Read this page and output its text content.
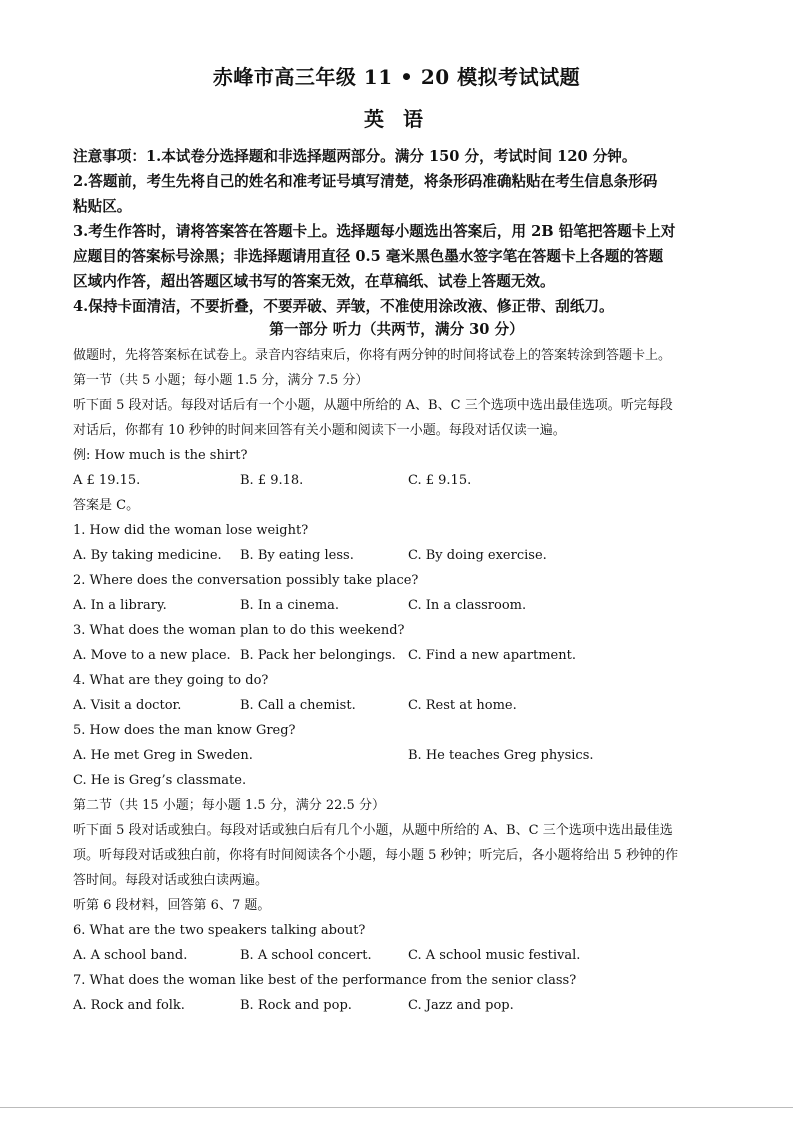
赤峰市高三年级 11 • 20 模拟考试试题
英 语

注意事项：1.本试卷分选择题和非选择题两部分。满分 150 分，考试时间 120 分钟。

2.答题前，考生先将自己的姓名和准考证号填写清楚，将条形码准确粘贴在考生信息条形码

粘贴区。

3.考生作答时，请将答案答在答题卡上。选择题每小题选出答案后，用 2B 铅笔把答题卡上对

应题目的答案标号涂黑；非选择题请用直径 0.5 毫米黑色墨水签字笔在答题卡上各题的答题

区域内作答，超出答题区域书写的答案无效，在草稿纸、试卷上答题无效。

4.保持卡面清洁，不要折叠，不要弄破、弄皱，不准使用涂改液、修正带、刮纸刀。

第一部分 听力（共两节，满分 30 分）

做题时，先将答案标在试卷上。录音内容结束后，你将有两分钟的时间将试卷上的答案转涂到答题卡上。

第一节（共 5 小题；每小题 1.5 分，满分 7.5 分）

听下面 5 段对话。每段对话后有一个小题，从题中所给的 A、B、C 三个选项中选出最佳选项。听完每段

对话后，你都有 10 秒钟的时间来回答有关小题和阅读下一小题。每段对话仅读一遍。

例: How much is the shirt?

A £ 19.15.	B. £ 9.18.	C. £ 9.15.

答案是 C。

1. How did the woman lose weight?

A. By taking medicine. B. By eating less.	C. By doing exercise.

2. Where does the conversation possibly take place?

A. In a library.	B. In a cinema.	C. In a classroom.

3. What does the woman plan to do this weekend?

A. Move to a new place. B. Pack her belongings. C. Find a new apartment.

4. What are they going to do?

A. Visit a doctor.	B. Call a chemist.	C. Rest at home.

5. How does the man know Greg?

A. He met Greg in Sweden.	B. He teaches Greg physics.

C. He is Greg’s classmate.

第二节（共 15 小题；每小题 1.5 分，满分 22.5 分）

听下面 5 段对话或独白。每段对话或独白后有几个小题，从题中所给的 A、B、C 三个选项中选出最佳选

项。听每段对话或独白前，你将有时间阅读各个小题，每小题 5 秒钟；听完后，各小题将给出 5 秒钟的作

答时间。每段对话或独白读两遍。

听第 6 段材料，回答第 6、7 题。

6. What are the two speakers talking about?

A. A school band.	B. A school concert.	C. A school music festival.

7. What does the woman like best of the performance from the senior class?

A. Rock and folk.	B. Rock and pop.	C. Jazz and pop.
